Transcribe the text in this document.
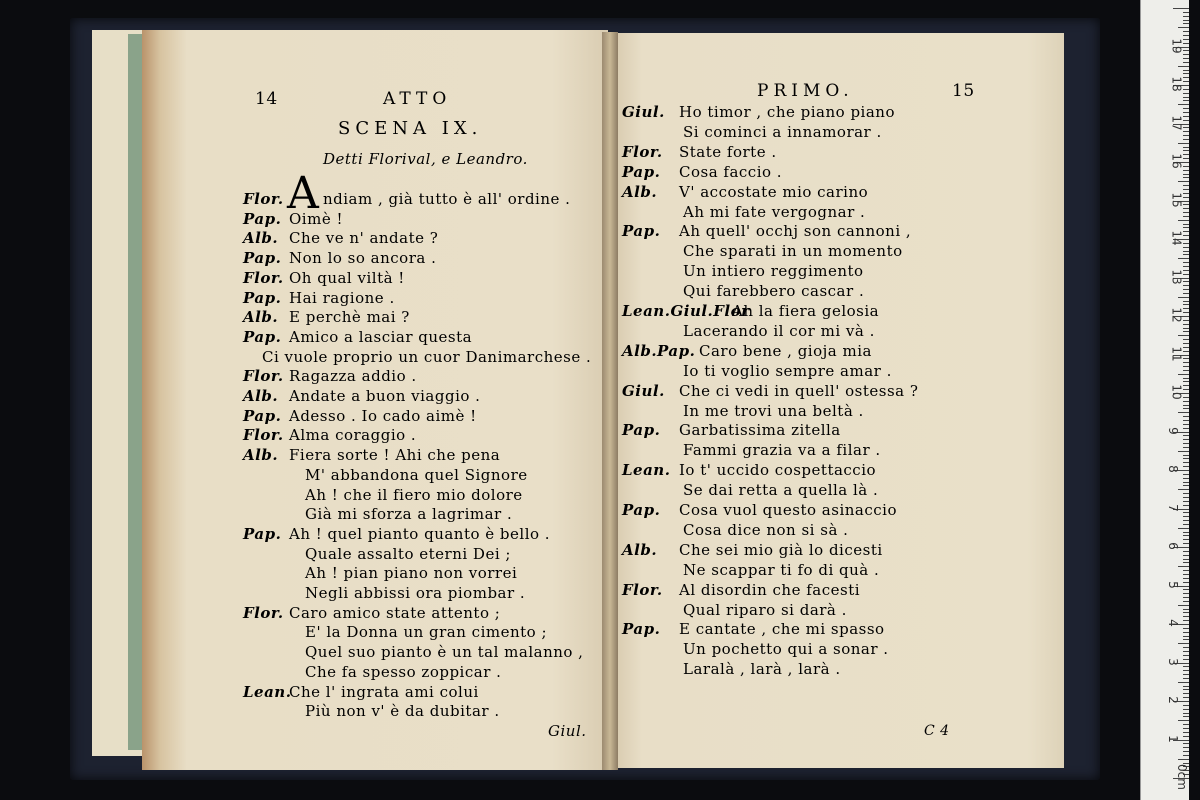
14	ATTO
SCENA IX.
Detti Florival, e Leandro.
A
Flor.	ndiam , già tutto è all' ordine .
Pap. Oimè !
Alb. Che ve n' andate ?
Pap. Non lo so ancora .
Flor. Oh qual viltà !
Pap. Hai ragione .
Alb. E perchè mai ?
Pap. Amico a lasciar questa
Ci vuole proprio un cuor Danimarchese .
Flor. Ragazza addio .
Alb. Andate a buon viaggio .
Pap. Adesso . Io cado aimè !
Flor. Alma coraggio .
Alb. Fiera sorte ! Ahi che pena
M' abbandona quel Signore
Ah ! che il fiero mio dolore
Già mi sforza a lagrimar .
Pap. Ah ! quel pianto quanto è bello .
Quale assalto eterni Dei ;
Ah ! pian piano non vorrei
Negli abbissi ora piombar .
Flor. Caro amico state attento ;
E' la Donna un gran cimento ;
Quel suo pianto è un tal malanno ,
Che fa spesso zoppicar .
Lean.
Che l' ingrata ami colui
Più non v' è da dubitar .
Giul.
PRIMO.	15
Giul. Ho timor , che piano piano
Si cominci a innamorar .
Flor. State forte .
Pap. Cosa faccio .
Alb. V' accostate mio carino
Ah mi fate vergognar .
Pap. Ah quell' occhj son cannoni ,
Che sparati in un momento
Un intiero reggimento
Qui farebbero cascar .
Lean.Giul.Flor
Ah la fiera gelosia
Lacerando il cor mi và .
Alb.Pap. Caro bene , gioja mia
Io ti voglio sempre amar .
Giul. Che ci vedi in quell' ostessa ?
In me trovi una beltà .
Pap. Garbatissima zitella
Fammi grazia va a filar .
Lean. Io t' uccido cospettaccio
Se dai retta a quella là .
Pap. Cosa vuol questo asinaccio
Cosa dice non si sà .
Alb. Che sei mio già lo dicesti
Ne scappar ti fo di quà .
Flor. Al disordin che facesti
Qual riparo si darà .
Pap. E cantate , che mi spasso
Un pochetto qui a sonar .
Laralà , larà , larà .
C 4
0cm
1
2
3
4
5
6
7
8
9
10
11
12
13
14
15
16
17
18
19
